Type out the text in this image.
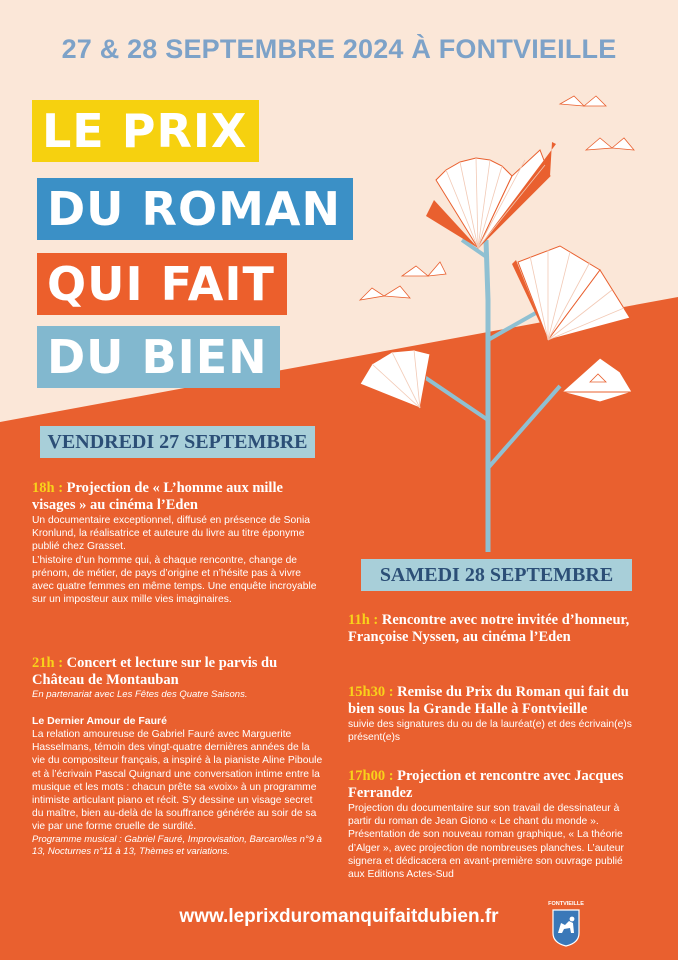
27 & 28 SEPTEMBRE 2024 À FONTVIEILLE
LE PRIX
DU ROMAN
QUI FAIT
DU BIEN
VENDREDI 27 SEPTEMBRE
18h : Projection de « L’homme aux mille visages » au cinéma l’Eden
Un documentaire exceptionnel, diffusé en présence de Sonia Kronlund, la réalisatrice et auteure du livre au titre éponyme publié chez Grasset.
L’histoire d’un homme qui, à chaque rencontre, change de prénom, de métier, de pays d’origine et n’hésite pas à vivre avec quatre femmes en même temps. Une enquête incroyable sur un imposteur aux mille vies imaginaires.
21h : Concert et lecture sur le parvis du Château de Montauban
En partenariat avec Les Fêtes des Quatre Saisons.
Le Dernier Amour de Fauré
La relation amoureuse de Gabriel Fauré avec Marguerite Hasselmans, témoin des vingt-quatre dernières années de la vie du compositeur français, a inspiré à la pianiste Aline Piboule et à l’écrivain Pascal Quignard une conversation intime entre la musique et les mots : chacun prête sa «voix» à un programme intimiste articulant piano et récit. S’y dessine un visage secret du maître, bien au-delà de la souffrance générée au soir de sa vie par une forme cruelle de surdité.
Programme musical : Gabriel Fauré, Improvisation, Barcarolles n°9 à 13, Nocturnes n°11 à 13, Thèmes et variations.
SAMEDI 28 SEPTEMBRE
11h : Rencontre avec notre invitée d’honneur, Françoise Nyssen, au cinéma l’Eden
15h30 : Remise du Prix du Roman qui fait du bien sous la Grande Halle à Fontvieille
suivie des signatures du ou de la lauréat(e) et des écrivain(e)s présent(e)s
17h00 : Projection et rencontre avec Jacques Ferrandez
Projection du documentaire sur son travail de dessinateur à partir du roman de Jean Giono « Le chant du monde ». Présentation de son nouveau roman graphique, « La théorie d’Alger », avec projection de nombreuses planches. L’auteur signera et dédicacera en avant-première son ouvrage publié aux Editions Actes-Sud
www.leprixduromanquifaitdubien.fr
FONTVIEILLE
